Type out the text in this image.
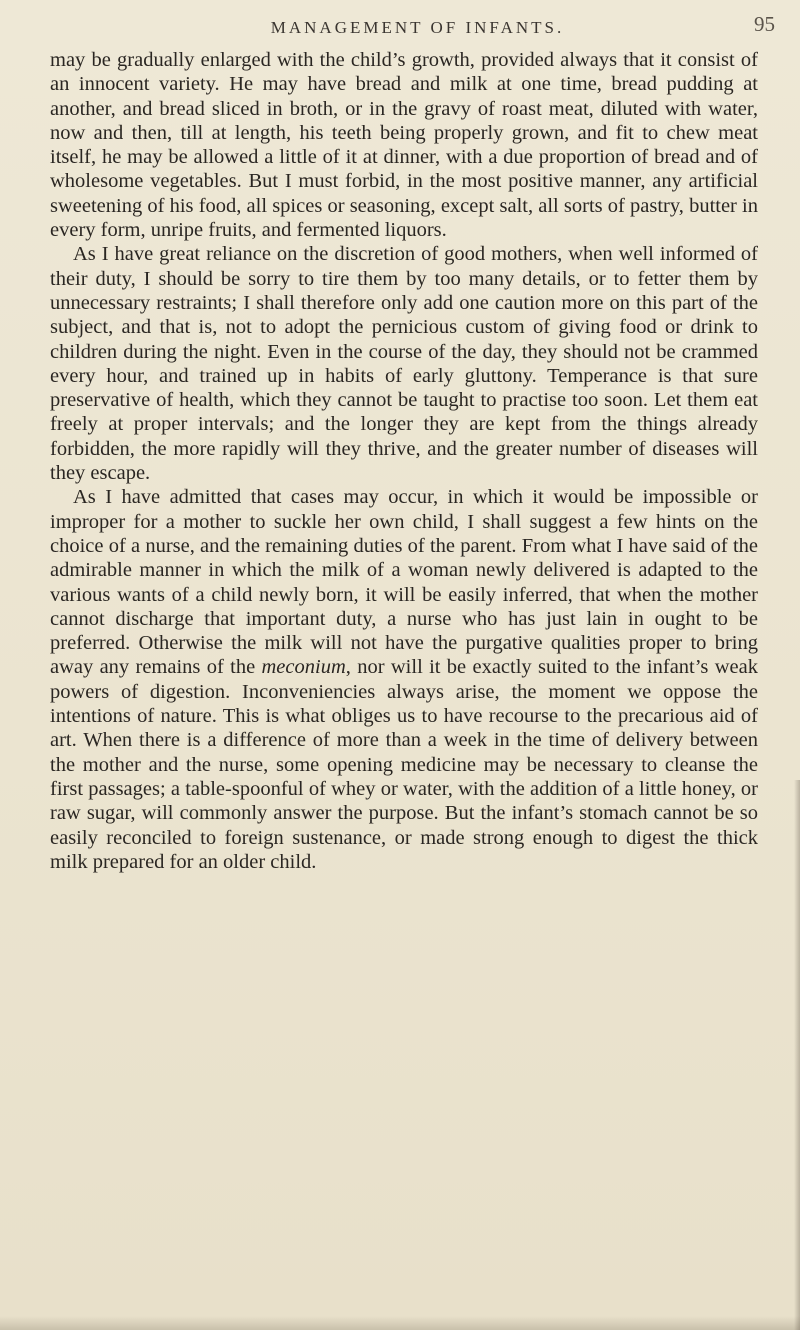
MANAGEMENT OF INFANTS.	95

may be gradually enlarged with the child’s growth, provided always that it consist of an innocent variety. He may have bread and milk at one time, bread pudding at another, and bread sliced in broth, or in the gravy of roast meat, diluted with water, now and then, till at length, his teeth being properly grown, and fit to chew meat itself, he may be allowed a little of it at dinner, with a due proportion of bread and of wholesome vegetables. But I must forbid, in the most positive manner, any artificial sweetening of his food, all spices or seasoning, except salt, all sorts of pastry, butter in every form, unripe fruits, and fermented liquors.

As I have great reliance on the discretion of good mothers, when well informed of their duty, I should be sorry to tire them by too many details, or to fetter them by unnecessary restraints; I shall therefore only add one caution more on this part of the subject, and that is, not to adopt the pernicious custom of giving food or drink to children during the night. Even in the course of the day, they should not be crammed every hour, and trained up in habits of early gluttony. Temperance is that sure preservative of health, which they cannot be taught to practise too soon. Let them eat freely at proper intervals; and the longer they are kept from the things already forbidden, the more rapidly will they thrive, and the greater number of diseases will they escape.

As I have admitted that cases may occur, in which it would be impossible or improper for a mother to suckle her own child, I shall suggest a few hints on the choice of a nurse, and the remaining duties of the parent. From what I have said of the admirable manner in which the milk of a woman newly delivered is adapted to the various wants of a child newly born, it will be easily inferred, that when the mother cannot discharge that important duty, a nurse who has just lain in ought to be preferred. Otherwise the milk will not have the purgative qualities proper to bring away any remains of the meconium, nor will it be exactly suited to the infant’s weak powers of digestion. Inconveniencies always arise, the moment we oppose the intentions of nature. This is what obliges us to have recourse to the precarious aid of art. When there is a difference of more than a week in the time of delivery between the mother and the nurse, some opening medicine may be necessary to cleanse the first passages; a table-spoonful of whey or water, with the addition of a little honey, or raw sugar, will commonly answer the purpose. But the infant’s stomach cannot be so easily reconciled to foreign sustenance, or made strong enough to digest the thick milk prepared for an older child.
